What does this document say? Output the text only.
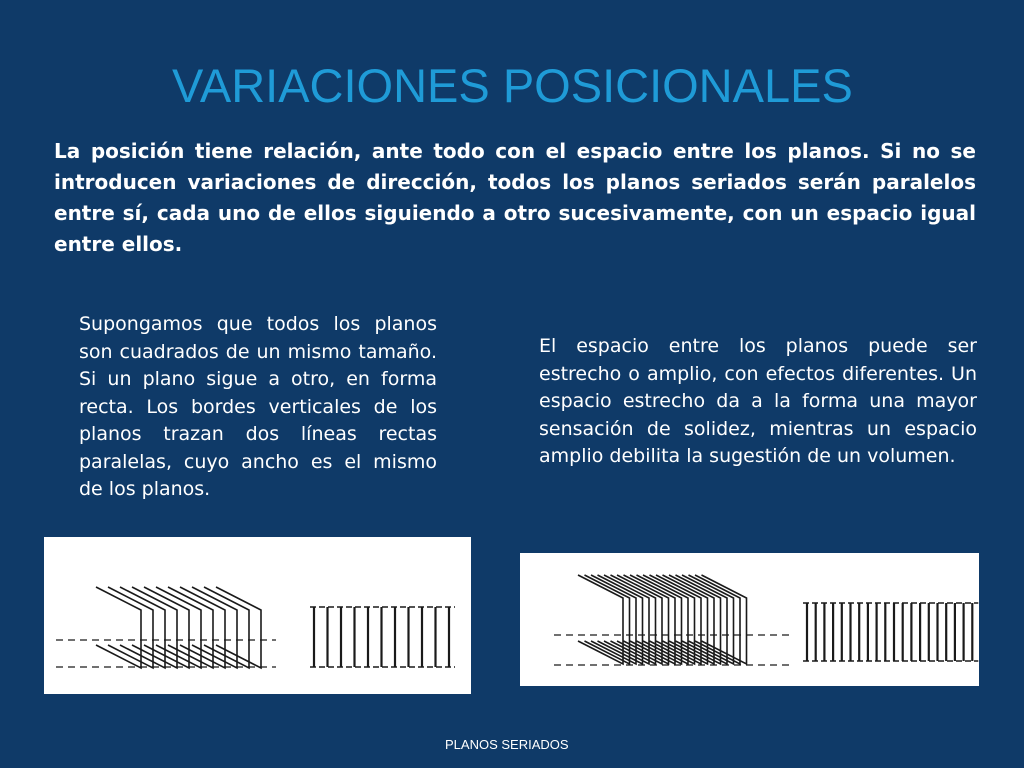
VARIACIONES POSICIONALES

La posición tiene relación, ante todo con el espacio entre los planos. Si no se introducen variaciones de dirección, todos los planos seriados serán paralelos entre sí, cada uno de ellos siguiendo a otro sucesivamente, con un espacio igual entre ellos.

Supongamos que todos los planos son cuadrados de un mismo tamaño. Si un plano sigue a otro, en forma recta. Los bordes verticales de los planos trazan dos líneas rectas paralelas, cuyo ancho es el mismo de los planos.

El espacio entre los planos puede ser estrecho o amplio, con efectos diferentes. Un espacio estrecho da a la forma una mayor sensación de solidez, mientras un espacio amplio debilita la sugestión de un volumen.

PLANOS SERIADOS
